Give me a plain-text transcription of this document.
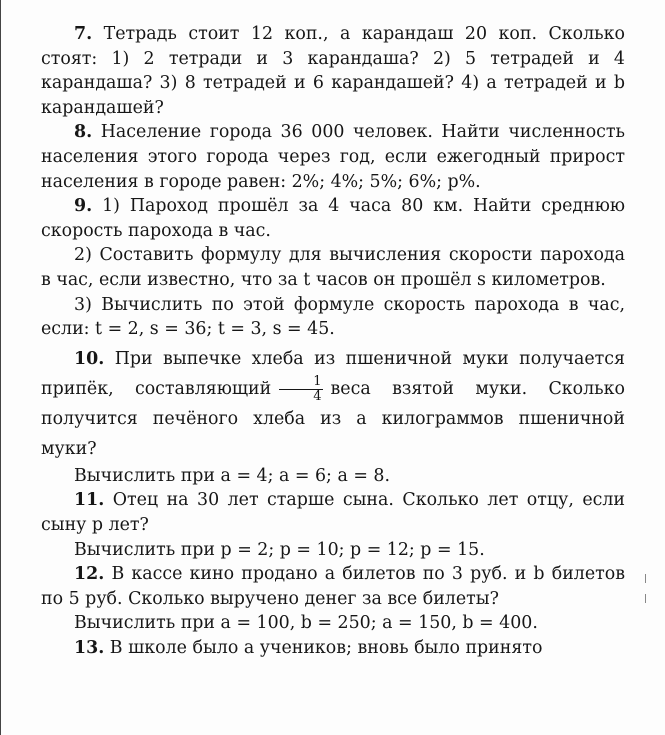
7. Тетрадь стоит 12 коп., а карандаш 20 коп. Сколько стоят: 1) 2 тетради и 3 карандаша? 2) 5 тетрадей и 4 карандаша? 3) 8 тетрадей и 6 карандашей? 4) a тетрадей и b карандашей?

8. Население города 36 000 человек. Найти численность населения этого города через год, если ежегодный прирост населения в городе равен: 2%; 4%; 5%; 6%; p%.

9. 1) Пароход прошёл за 4 часа 80 км. Найти среднюю скорость парохода в час.

2) Составить формулу для вычисления скорости парохода в час, если известно, что за t часов он прошёл s километров.

3) Вычислить по этой формуле скорость парохода в час, если: t = 2, s = 36; t = 3, s = 45.

10. При выпечке хлеба из пшеничной муки получается припёк, составляющий $\frac{1}{4}$ веса взятой муки. Сколько получится печёного хлеба из a килограммов пшеничной муки?

Вычислить при a = 4; a = 6; a = 8.

11. Отец на 30 лет старше сына. Сколько лет отцу, если сыну p лет?

Вычислить при p = 2; p = 10; p = 12; p = 15.

12. В кассе кино продано a билетов по 3 руб. и b билетов по 5 руб. Сколько выручено денег за все билеты?

Вычислить при a = 100, b = 250; a = 150, b = 400.

13. В школе было a учеников; вновь было принято
